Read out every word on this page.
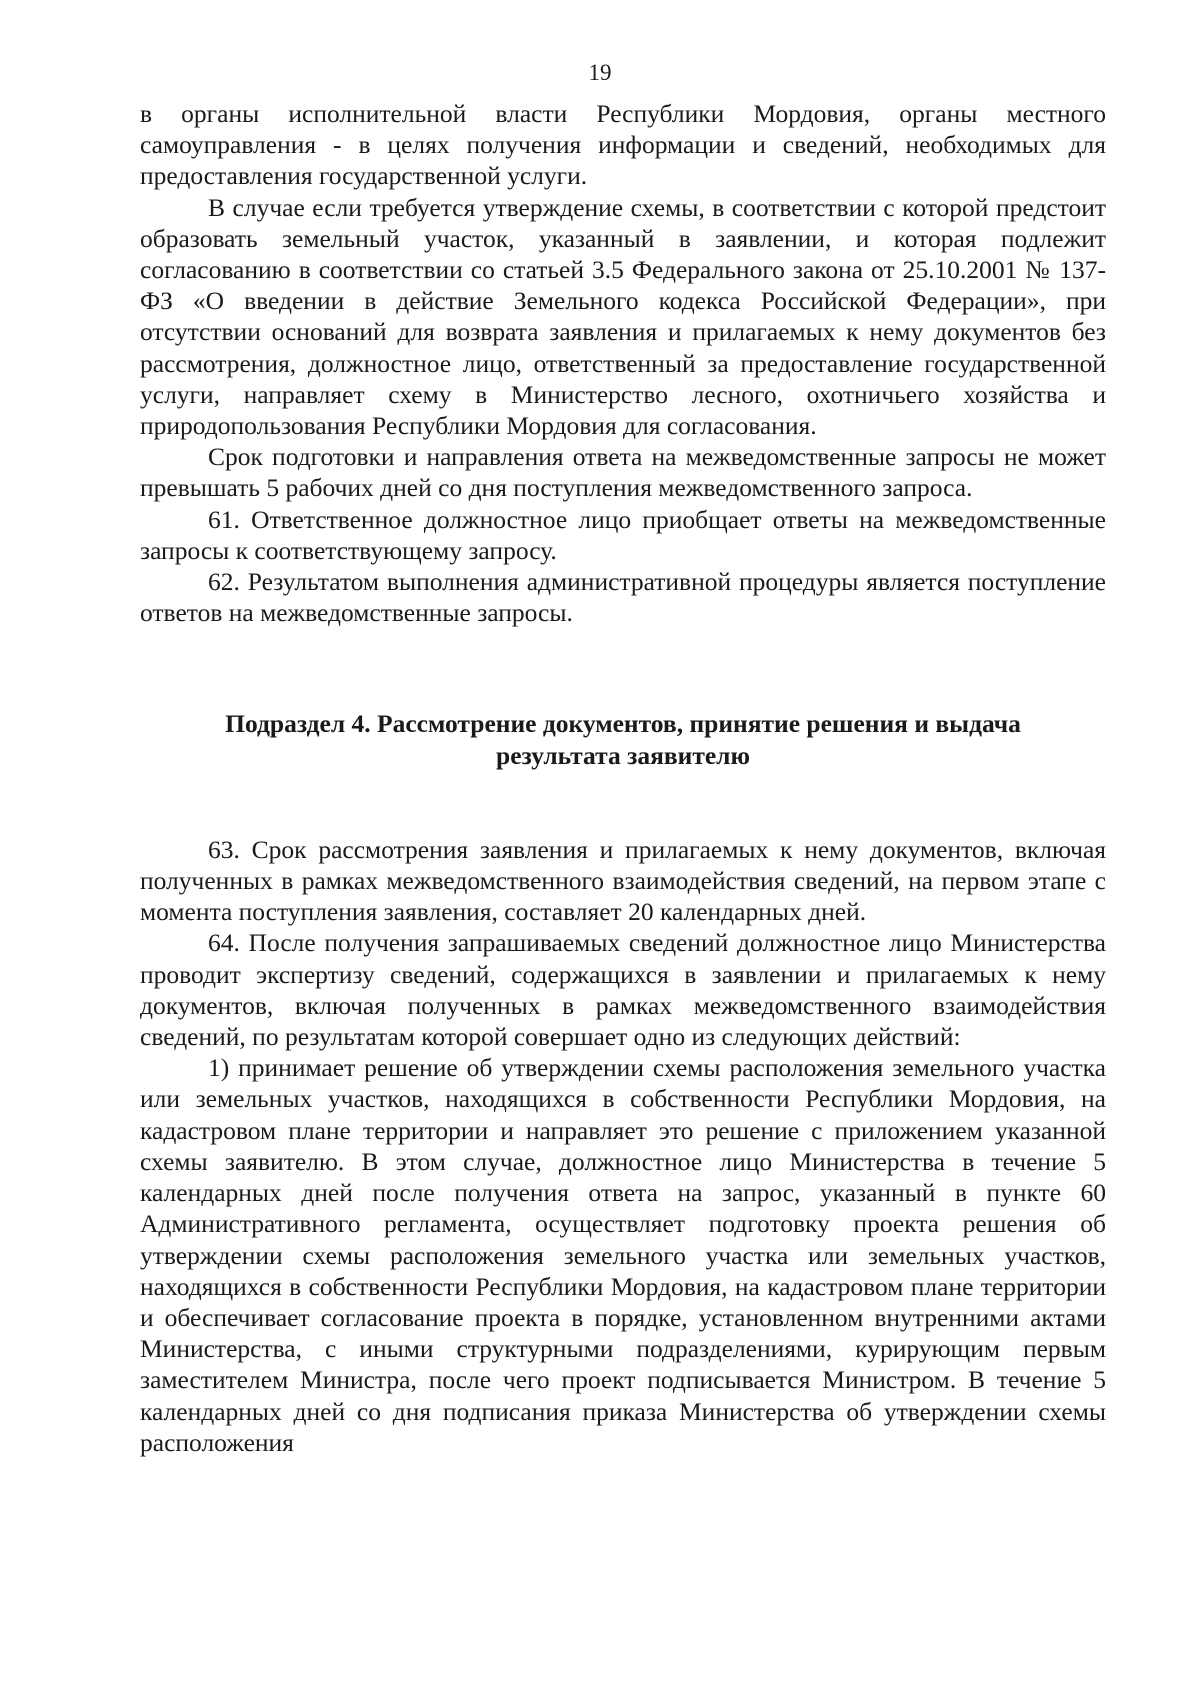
19

в органы исполнительной власти Республики Мордовия, органы местного самоуправления - в целях получения информации и сведений, необходимых для предоставления государственной услуги.

В случае если требуется утверждение схемы, в соответствии с которой предстоит образовать земельный участок, указанный в заявлении, и которая подлежит согласованию в соответствии со статьей 3.5 Федерального закона от 25.10.2001 № 137-ФЗ «О введении в действие Земельного кодекса Российской Федерации», при отсутствии оснований для возврата заявления и прилагаемых к нему документов без рассмотрения, должностное лицо, ответственный за предоставление государственной услуги, направляет схему в Министерство лесного, охотничьего хозяйства и природопользования Республики Мордовия для согласования.

Срок подготовки и направления ответа на межведомственные запросы не может превышать 5 рабочих дней со дня поступления межведомственного запроса.

61. Ответственное должностное лицо приобщает ответы на межведомственные запросы к соответствующему запросу.

62. Результатом выполнения административной процедуры является поступление ответов на межведомственные запросы.

Подраздел 4. Рассмотрение документов, принятие решения и выдача
результата заявителю

63. Срок рассмотрения заявления и прилагаемых к нему документов, включая полученных в рамках межведомственного взаимодействия сведений, на первом этапе с момента поступления заявления, составляет 20 календарных дней.

64. После получения запрашиваемых сведений должностное лицо Министерства проводит экспертизу сведений, содержащихся в заявлении и прилагаемых к нему документов, включая полученных в рамках межведомственного взаимодействия сведений, по результатам которой совершает одно из следующих действий:

1) принимает решение об утверждении схемы расположения земельного участка или земельных участков, находящихся в собственности Республики Мордовия, на кадастровом плане территории и направляет это решение с приложением указанной схемы заявителю. В этом случае, должностное лицо Министерства в течение 5 календарных дней после получения ответа на запрос, указанный в пункте 60 Административного регламента, осуществляет подготовку проекта решения об утверждении схемы расположения земельного участка или земельных участков, находящихся в собственности Республики Мордовия, на кадастровом плане территории и обеспечивает согласование проекта в порядке, установленном внутренними актами Министерства, с иными структурными подразделениями, курирующим первым заместителем Министра, после чего проект подписывается Министром. В течение 5 календарных дней со дня подписания приказа Министерства об утверждении схемы расположения
